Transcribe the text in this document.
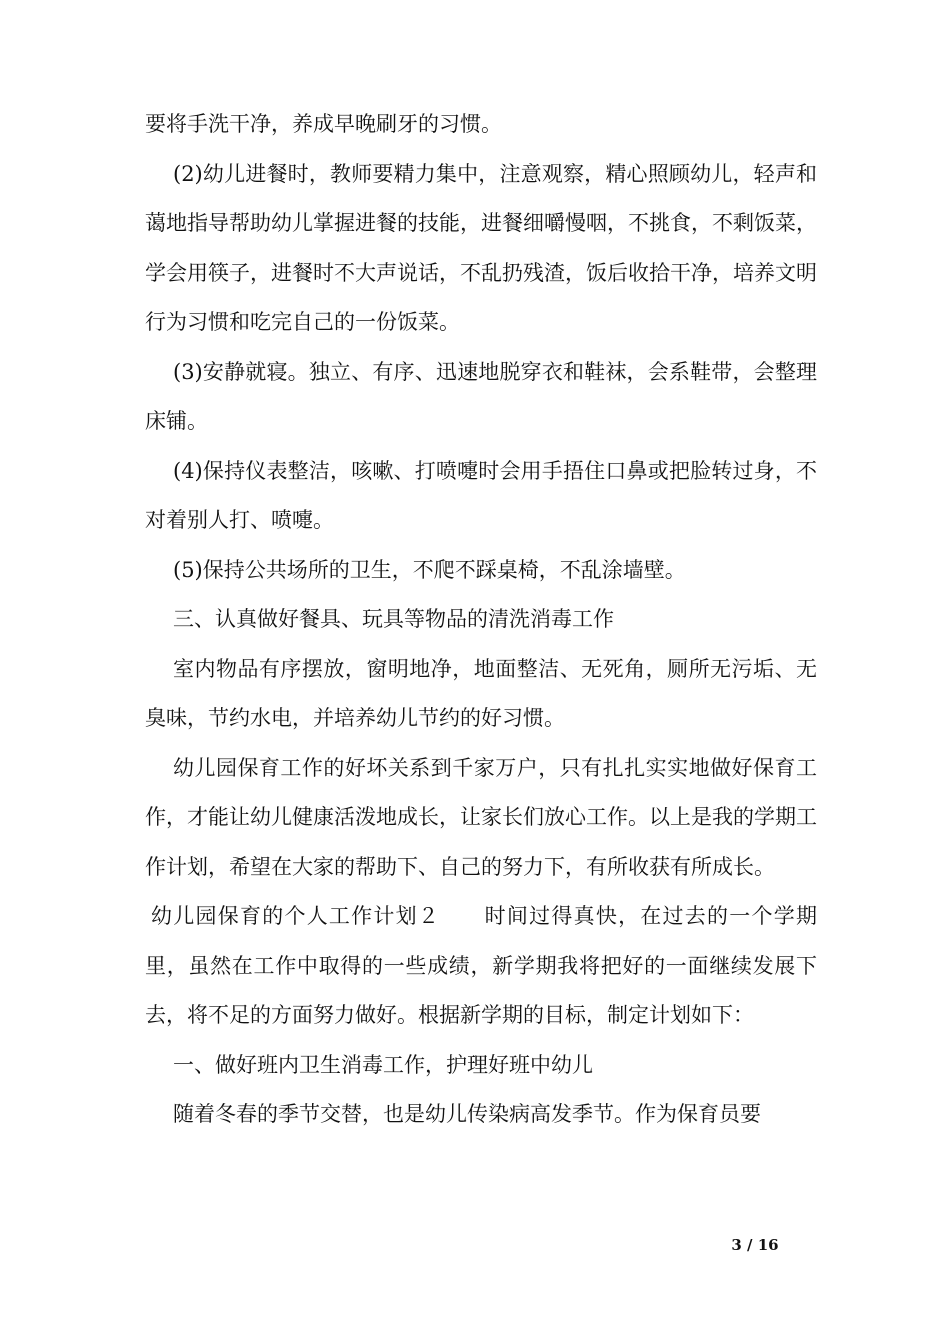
要将手洗干净，养成早晚刷牙的习惯。

(2)幼儿进餐时，教师要精力集中，注意观察，精心照顾幼儿，轻声和蔼地指导帮助幼儿掌握进餐的技能，进餐细嚼慢咽，不挑食，不剩饭菜，学会用筷子，进餐时不大声说话，不乱扔残渣，饭后收拾干净，培养文明行为习惯和吃完自己的一份饭菜。

(3)安静就寝。独立、有序、迅速地脱穿衣和鞋袜，会系鞋带，会整理床铺。

(4)保持仪表整洁，咳嗽、打喷嚏时会用手捂住口鼻或把脸转过身，不对着别人打、喷嚏。

(5)保持公共场所的卫生，不爬不踩桌椅，不乱涂墙壁。

三、认真做好餐具、玩具等物品的清洗消毒工作

室内物品有序摆放，窗明地净，地面整洁、无死角，厕所无污垢、无臭味，节约水电，并培养幼儿节约的好习惯。

幼儿园保育工作的好坏关系到千家万户，只有扎扎实实地做好保育工作，才能让幼儿健康活泼地成长，让家长们放心工作。以上是我的学期工作计划，希望在大家的帮助下、自己的努力下，有所收获有所成长。

幼儿园保育的个人工作计划２　　时间过得真快，在过去的一个学期里，虽然在工作中取得的一些成绩，新学期我将把好的一面继续发展下去，将不足的方面努力做好。根据新学期的目标，制定计划如下：

一、做好班内卫生消毒工作，护理好班中幼儿

随着冬春的季节交替，也是幼儿传染病高发季节。作为保育员要

3 / 16
